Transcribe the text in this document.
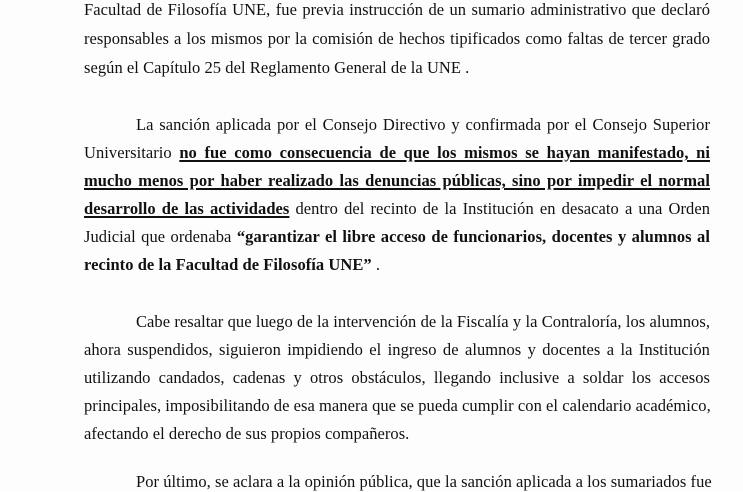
Facultad de Filosofía UNE, fue previa instrucción de un sumario administrativo que declaró
responsables a los mismos por la comisión de hechos tipificados como faltas de tercer grado
según el Capítulo 25 del Reglamento General de la UNE .
La sanción aplicada por el Consejo Directivo y confirmada por el Consejo Superior
Universitario no fue como consecuencia de que los mismos se hayan manifestado, ni
mucho menos por haber realizado las denuncias públicas, sino por impedir el normal
desarrollo de las actividades dentro del recinto de la Institución en desacato a una Orden
Judicial que ordenaba “garantizar el libre acceso de funcionarios, docentes y alumnos al
recinto de la Facultad de Filosofía UNE” .
Cabe resaltar que luego de la intervención de la Fiscalía y la Contraloría, los alumnos,
ahora suspendidos, siguieron impidiendo el ingreso de alumnos y docentes a la Institución
utilizando candados, cadenas y otros obstáculos, llegando inclusive a soldar los accesos
principales, imposibilitando de esa manera que se pueda cumplir con el calendario académico,
afectando el derecho de sus propios compañeros.
Por último, se aclara a la opinión pública, que la sanción aplicada a los sumariados fue
